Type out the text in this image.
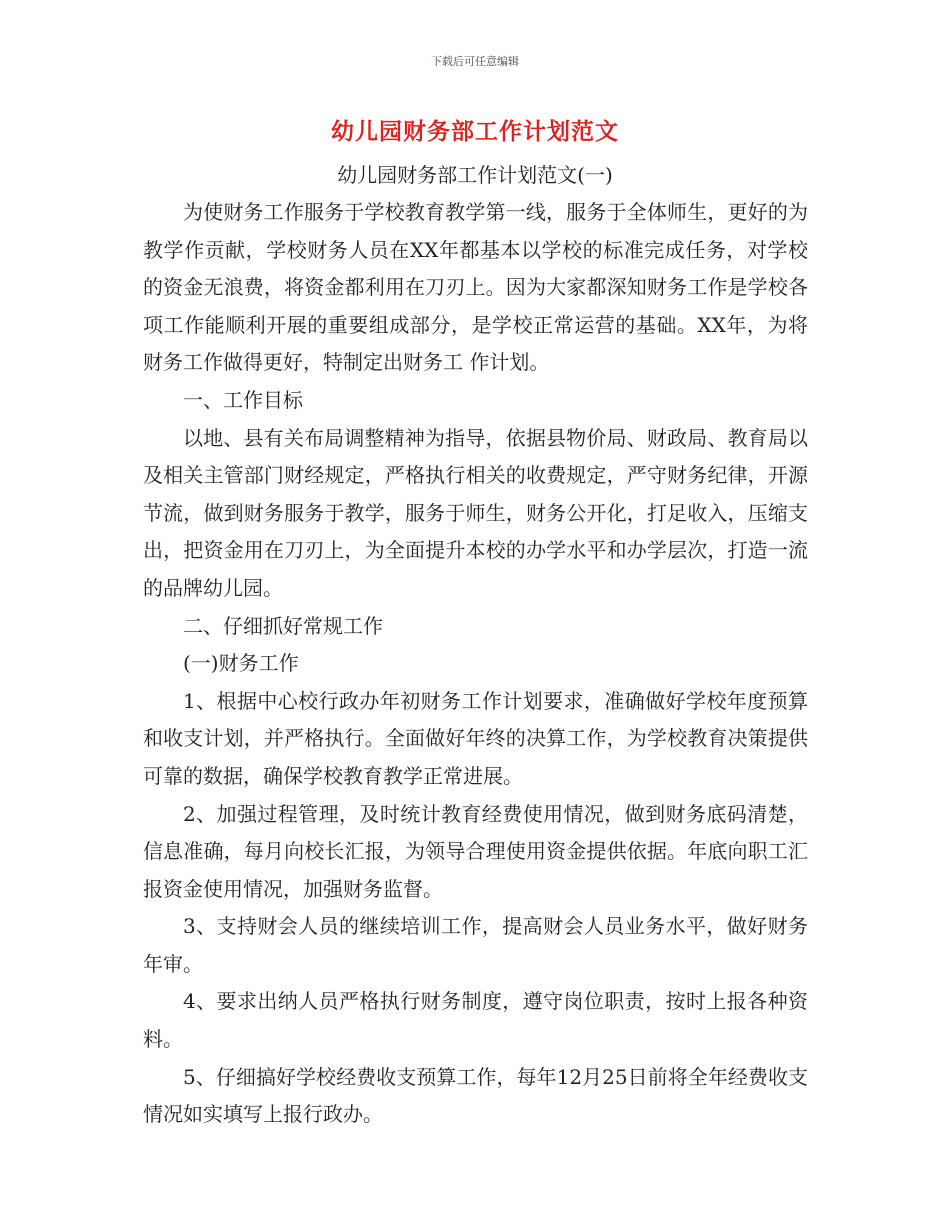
下载后可任意编辑
幼儿园财务部工作计划范文
幼儿园财务部工作计划范文(一)

为使财务工作服务于学校教育教学第一线，服务于全体师生，更好的为教学作贡献，学校财务人员在XX年都基本以学校的标准完成任务，对学校的资金无浪费，将资金都利用在刀刃上。因为大家都深知财务工作是学校各项工作能顺利开展的重要组成部分，是学校正常运营的基础。XX年，为将财务工作做得更好，特制定出财务工 作计划。

一、工作目标

以地、县有关布局调整精神为指导，依据县物价局、财政局、教育局以及相关主管部门财经规定，严格执行相关的收费规定，严守财务纪律，开源节流，做到财务服务于教学，服务于师生，财务公开化，打足收入，压缩支出，把资金用在刀刃上，为全面提升本校的办学水平和办学层次，打造一流的品牌幼儿园。

二、仔细抓好常规工作

(一)财务工作

1、根据中心校行政办年初财务工作计划要求，准确做好学校年度预算和收支计划，并严格执行。全面做好年终的决算工作，为学校教育决策提供可靠的数据，确保学校教育教学正常进展。

2、加强过程管理，及时统计教育经费使用情况，做到财务底码清楚，信息准确，每月向校长汇报，为领导合理使用资金提供依据。年底向职工汇报资金使用情况，加强财务监督。

3、支持财会人员的继续培训工作，提高财会人员业务水平，做好财务年审。

4、要求出纳人员严格执行财务制度，遵守岗位职责，按时上报各种资料。

5、仔细搞好学校经费收支预算工作，每年12月25日前将全年经费收支情况如实填写上报行政办。
